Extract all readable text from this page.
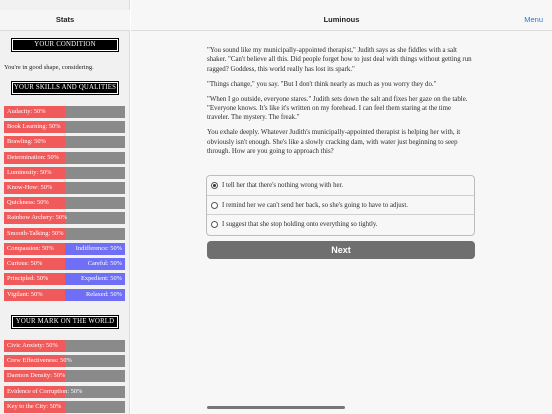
Stats
YOUR CONDITION
You're in good shape, considering.
YOUR SKILLS AND QUALITIES
Audacity: 50%
Book Learning: 50%
Brawling: 50%
Determination: 50%
Luminosity: 50%
Know-How: 50%
Quickness: 50%
Rainbow Archery: 50%
Smooth-Talking: 50%
Compassion: 50%	Indifference: 50%
Curious: 50%	Careful: 50%
Principled: 50%	Expedient: 50%
Vigilant: 50%	Relaxed: 50%
YOUR MARK ON THE WORLD
Civic Anxiety: 50%
Crew Effectiveness: 50%
Daemon Density: 50%
Evidence of Corruption: 50%
Key to the City: 50%
Luminous	Menu

"You sound like my municipally-appointed therapist," Judith says as she fiddles with a salt shaker. "Can't believe all this. Did people forget how to just deal with things without getting run ragged? Goddess, this world really has lost its spark."

"Things change," you say. "But I don't think nearly as much as you worry they do."

"When I go outside, everyone stares." Judith sets down the salt and fixes her gaze on the table. "Everyone knows. It's like it's written on my forehead. I can feel them staring at the time traveler. The mystery. The freak."

You exhale deeply. Whatever Judith's municipally-appointed therapist is helping her with, it obviously isn't enough. She's like a slowly cracking dam, with water just beginning to seep through. How are you going to approach this?

I tell her that there's nothing wrong with her.
I remind her we can't send her back, so she's going to have to adjust.
I suggest that she stop holding onto everything so tightly.
Next
